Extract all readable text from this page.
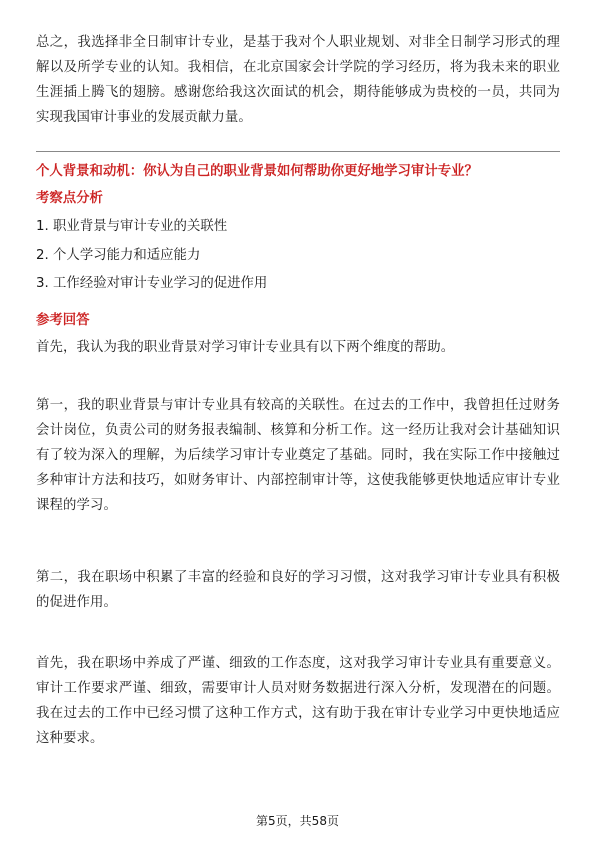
总之，我选择非全日制审计专业，是基于我对个人职业规划、对非全日制学习形式的理解以及所学专业的认知。我相信，在北京国家会计学院的学习经历，将为我未来的职业生涯插上腾飞的翅膀。感谢您给我这次面试的机会，期待能够成为贵校的一员，共同为实现我国审计事业的发展贡献力量。

个人背景和动机：你认为自己的职业背景如何帮助你更好地学习审计专业？

考察点分析

1. 职业背景与审计专业的关联性

2. 个人学习能力和适应能力

3. 工作经验对审计专业学习的促进作用

参考回答

首先，我认为我的职业背景对学习审计专业具有以下两个维度的帮助。

第一，我的职业背景与审计专业具有较高的关联性。在过去的工作中，我曾担任过财务会计岗位，负责公司的财务报表编制、核算和分析工作。这一经历让我对会计基础知识有了较为深入的理解，为后续学习审计专业奠定了基础。同时，我在实际工作中接触过多种审计方法和技巧，如财务审计、内部控制审计等，这使我能够更快地适应审计专业课程的学习。

第二，我在职场中积累了丰富的经验和良好的学习习惯，这对我学习审计专业具有积极的促进作用。

首先，我在职场中养成了严谨、细致的工作态度，这对我学习审计专业具有重要意义。审计工作要求严谨、细致，需要审计人员对财务数据进行深入分析，发现潜在的问题。我在过去的工作中已经习惯了这种工作方式，这有助于我在审计专业学习中更快地适应这种要求。

第5页，共58页
